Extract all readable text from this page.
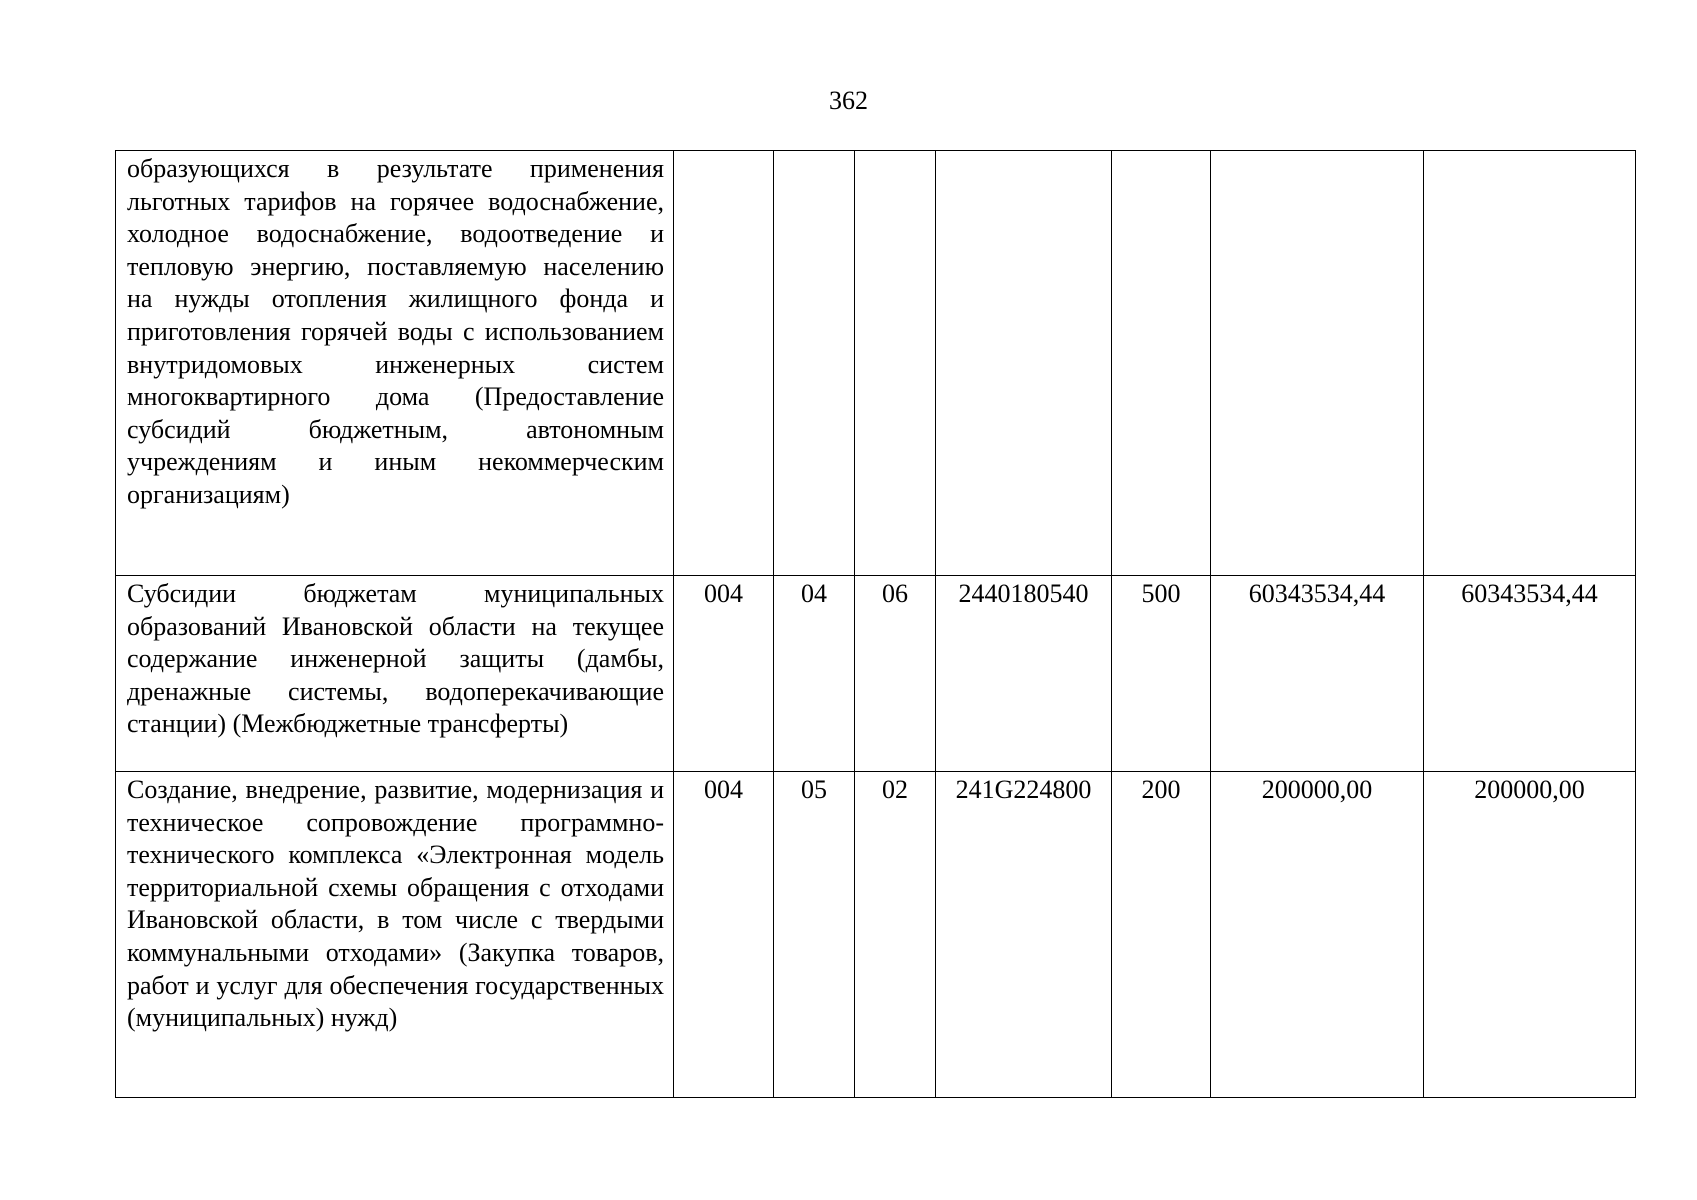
362
образующихся в результате применения льготных тарифов на горячее водоснабжение, холодное водоснабжение, водоотведение и тепловую энергию, поставляемую населению на нужды отопления жилищного фонда и приготовления горячей воды с использованием внутридомовых инженерных систем многоквартирного дома (Предоставление субсидий бюджетным, автономным учреждениям и иным некоммерческим организациям)							

Субсидии бюджетам муниципальных образований Ивановской области на текущее содержание инженерной защиты (дамбы, дренажные системы, водоперекачивающие станции) (Межбюджетные трансферты)	004	04	06	2440180540	500	60343534,44	60343534,44

Создание, внедрение, развитие, модернизация и техническое сопровождение программно-технического комплекса «Электронная модель территориальной схемы обращения с отходами Ивановской области, в том числе с твердыми коммунальными отходами» (Закупка товаров, работ и услуг для обеспечения государственных (муниципальных) нужд)	004	05	02	241G224800	200	200000,00	200000,00
